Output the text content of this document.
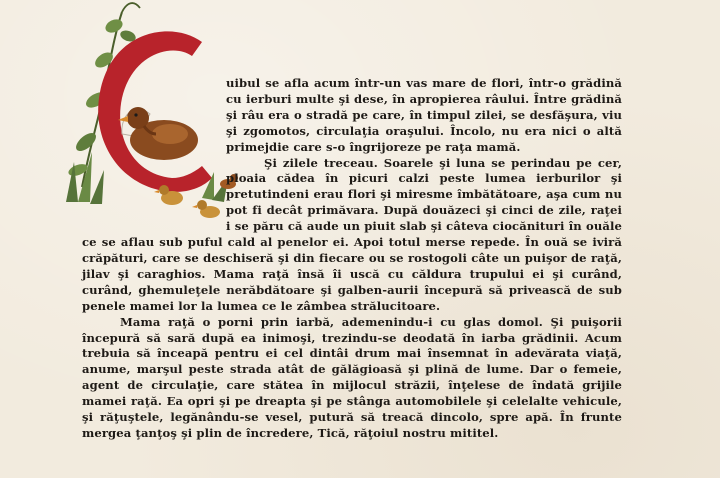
uibul se afla acum într-un vas mare de flori, într-o grădină cu ierburi multe şi dese, în apropierea râului. Între grădină şi râu era o stradă pe care, în timpul zilei, se desfăşura, viu şi zgomotos, circulaţia oraşului. Încolo, nu era nici o altă primejdie care s-o îngrijoreze pe raţa mamă.

Şi zilele treceau. Soarele şi luna se perindau pe cer, ploaia cădea în picuri calzi peste lumea ierburilor şi pretutindeni erau flori şi miresme îmbătătoare, aşa cum nu pot fi decât primăvara. După douăzeci şi cinci de zile, raţei i se păru că aude un piuit slab şi câteva ciocănituri în ouăle ce se aflau sub puful cald al penelor ei. Apoi totul merse repede. În ouă se iviră crăpături, care se deschiseră şi din fiecare ou se rostogoli câte un puişor de raţă, jilav şi caraghios. Mama raţă însă îi uscă cu căldura trupului ei şi curând, curând, ghemuleţele nerăbdătoare şi galben-aurii începură să privească de sub penele mamei lor la lumea ce le zâmbea strălucitoare.

Mama raţă o porni prin iarbă, ademenindu-i cu glas domol. Şi puişorii începură să sară după ea inimoşi, trezindu-se deodată în iarba grădinii. Acum trebuia să înceapă pentru ei cel dintâi drum mai însemnat în adevărata viaţă, anume, marşul peste strada atât de gălăgioasă şi plină de lume. Dar o femeie, agent de circulaţie, care stătea în mijlocul străzii, înţelese de îndată grijile mamei raţă. Ea opri şi pe dreapta şi pe stânga automobilele şi celelalte vehicule, şi răţuştele, legănându-se vesel, putură să treacă dincolo, spre apă. În frunte mergea ţanţoş şi plin de încredere, Tică, răţoiul nostru mititel.
